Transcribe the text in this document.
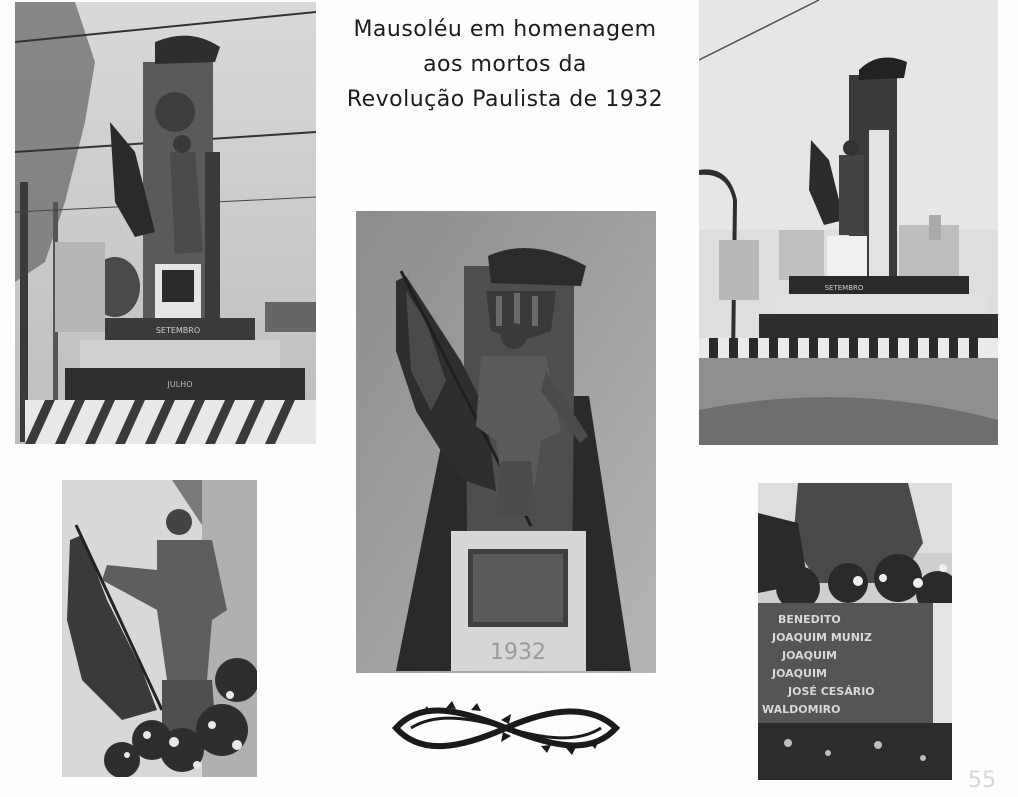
SETEMBRO
JULHO
Mausoléu em homenagem
aos mortos da
Revolução Paulista de 1932
SETEMBRO
1932
BENEDITO
JOAQUIM MUNIZ
JOAQUIM
JOAQUIM
JOSÉ CESÁRIO
WALDOMIRO
55
